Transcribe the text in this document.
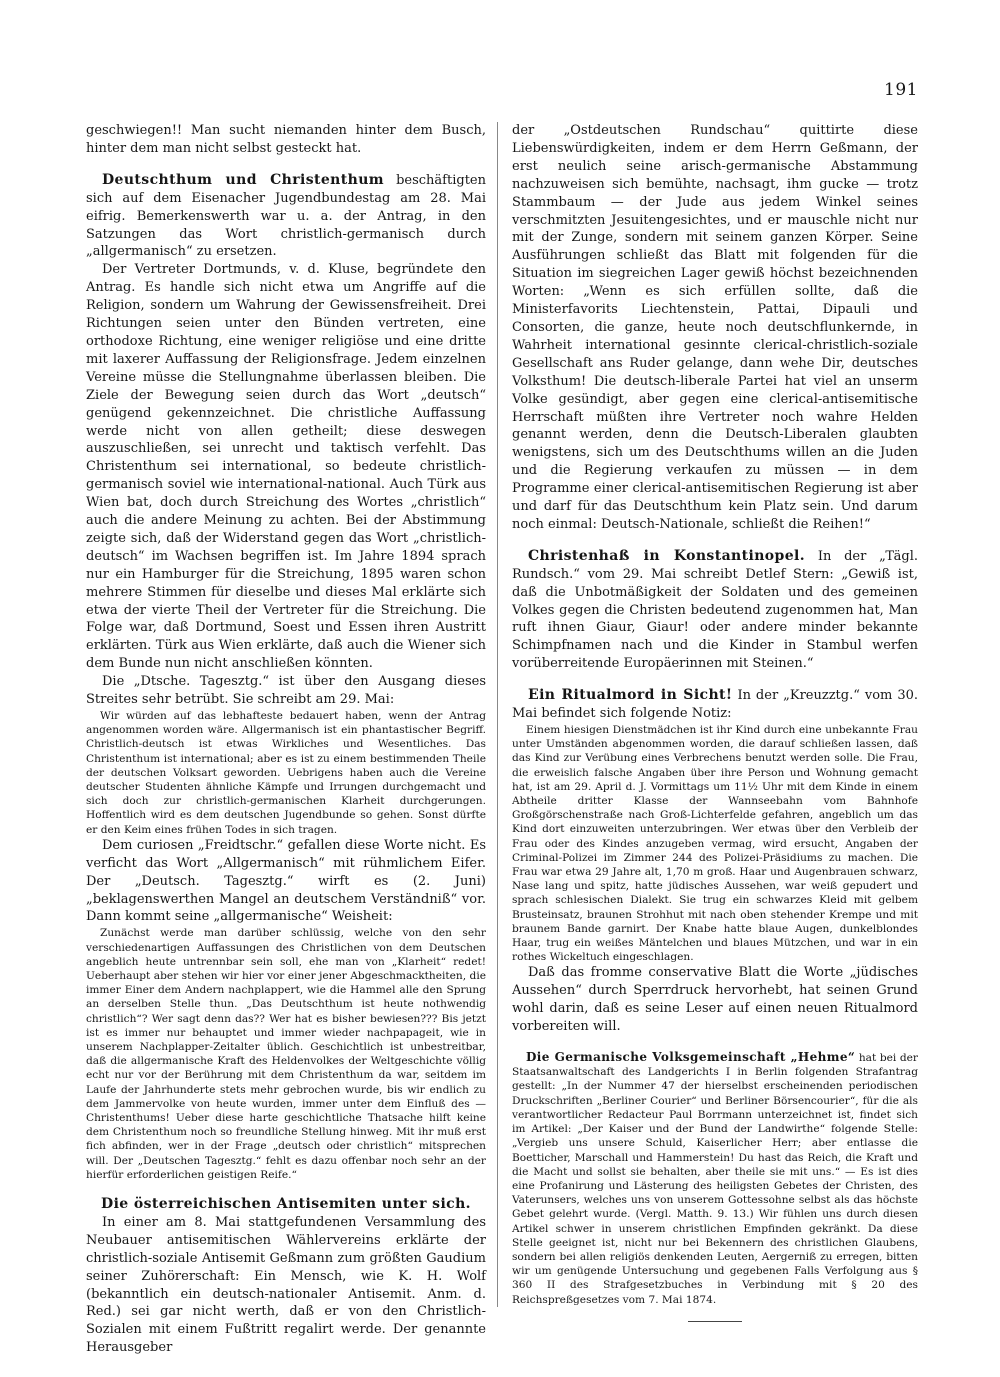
191

geschwiegen!! Man sucht niemanden hinter dem Busch, hinter dem man nicht selbst gesteckt hat.

Deutschthum und Christenthum beschäftigten sich auf dem Eisenacher Jugendbundestag am 28. Mai eifrig. Bemerkenswerth war u. a. der Antrag, in den Satzungen das Wort christlich-germanisch durch „allgermanisch“ zu ersetzen.

Der Vertreter Dortmunds, v. d. Kluse, begründete den Antrag. Es handle sich nicht etwa um Angriffe auf die Religion, sondern um Wahrung der Gewissensfreiheit. Drei Richtungen seien unter den Bünden vertreten, eine orthodoxe Richtung, eine weniger religiöse und eine dritte mit laxerer Auffassung der Religionsfrage. Jedem einzelnen Vereine müsse die Stellungnahme überlassen bleiben. Die Ziele der Bewegung seien durch das Wort „deutsch“ genügend gekennzeichnet. Die christliche Auffassung werde nicht von allen getheilt; diese deswegen auszuschließen, sei unrecht und taktisch verfehlt. Das Christenthum sei international, so bedeute christlich-germanisch soviel wie international-national. Auch Türk aus Wien bat, doch durch Streichung des Wortes „christlich“ auch die andere Meinung zu achten. Bei der Abstimmung zeigte sich, daß der Widerstand gegen das Wort „christlich-deutsch“ im Wachsen begriffen ist. Im Jahre 1894 sprach nur ein Hamburger für die Streichung, 1895 waren schon mehrere Stimmen für dieselbe und dieses Mal erklärte sich etwa der vierte Theil der Vertreter für die Streichung. Die Folge war, daß Dortmund, Soest und Essen ihren Austritt erklärten. Türk aus Wien erklärte, daß auch die Wiener sich dem Bunde nun nicht anschließen könnten.

Die „Dtsche. Tagesztg.“ ist über den Ausgang dieses Streites sehr betrübt. Sie schreibt am 29. Mai:

Wir würden auf das lebhafteste bedauert haben, wenn der Antrag angenommen worden wäre. Allgermanisch ist ein phantastischer Begriff. Christlich-deutsch ist etwas Wirkliches und Wesentliches. Das Christenthum ist international; aber es ist zu einem bestimmenden Theile der deutschen Volksart geworden. Uebrigens haben auch die Vereine deutscher Studenten ähnliche Kämpfe und Irrungen durchgemacht und sich doch zur christlich-germanischen Klarheit durchgerungen. Hoffentlich wird es dem deutschen Jugendbunde so gehen. Sonst dürfte er den Keim eines frühen Todes in sich tragen.

Dem curiosen „Freidtschr.“ gefallen diese Worte nicht. Es verficht das Wort „Allgermanisch“ mit rühmlichem Eifer. Der „Deutsch. Tagesztg.“ wirft es (2. Juni) „beklagenswerthen Mangel an deutschem Verständniß“ vor. Dann kommt seine „allgermanische“ Weisheit:

Zunächst werde man darüber schlüssig, welche von den sehr verschiedenartigen Auffassungen des Christlichen von dem Deutschen angeblich heute untrennbar sein soll, ehe man von „Klarheit“ redet! Ueberhaupt aber stehen wir hier vor einer jener Abgeschmacktheiten, die immer Einer dem Andern nachplappert, wie die Hammel alle den Sprung an derselben Stelle thun. „Das Deutschthum ist heute nothwendig christlich“? Wer sagt denn das?? Wer hat es bisher bewiesen??? Bis jetzt ist es immer nur behauptet und immer wieder nachpapageit, wie in unserem Nachplapper-Zeitalter üblich. Geschichtlich ist unbestreitbar, daß die allgermanische Kraft des Heldenvolkes der Weltgeschichte völlig echt nur vor der Berührung mit dem Christenthum da war, seitdem im Laufe der Jahrhunderte stets mehr gebrochen wurde, bis wir endlich zu dem Jammervolke von heute wurden, immer unter dem Einfluß des — Christenthums! Ueber diese harte geschichtliche Thatsache hilft keine dem Christenthum noch so freundliche Stellung hinweg. Mit ihr muß erst fich abfinden, wer in der Frage „deutsch oder christlich“ mitsprechen will. Der „Deutschen Tagesztg.“ fehlt es dazu offenbar noch sehr an der hierfür erforderlichen geistigen Reife.“

Die österreichischen Antisemiten unter sich.

In einer am 8. Mai stattgefundenen Versammlung des Neubauer antisemitischen Wählervereins erklärte der christlich-soziale Antisemit Geßmann zum größten Gaudium seiner Zuhörerschaft: Ein Mensch, wie K. H. Wolf (bekanntlich ein deutsch-nationaler Antisemit. Anm. d. Red.) sei gar nicht werth, daß er von den Christlich-Sozialen mit einem Fußtritt regalirt werde. Der genannte Herausgeber

der „Ostdeutschen Rundschau“ quittirte diese Liebenswürdigkeiten, indem er dem Herrn Geßmann, der erst neulich seine arisch-germanische Abstammung nachzuweisen sich bemühte, nachsagt, ihm gucke — trotz Stammbaum — der Jude aus jedem Winkel seines verschmitzten Jesuitengesichtes, und er mauschle nicht nur mit der Zunge, sondern mit seinem ganzen Körper. Seine Ausführungen schließt das Blatt mit folgenden für die Situation im siegreichen Lager gewiß höchst bezeichnenden Worten: „Wenn es sich erfüllen sollte, daß die Ministerfavorits Liechtenstein, Pattai, Dipauli und Consorten, die ganze, heute noch deutschflunkernde, in Wahrheit international gesinnte clerical-christlich-soziale Gesellschaft ans Ruder gelange, dann wehe Dir, deutsches Volksthum! Die deutsch-liberale Partei hat viel an unserm Volke gesündigt, aber gegen eine clerical-antisemitische Herrschaft müßten ihre Vertreter noch wahre Helden genannt werden, denn die Deutsch-Liberalen glaubten wenigstens, sich um des Deutschthums willen an die Juden und die Regierung verkaufen zu müssen — in dem Programme einer clerical-antisemitischen Regierung ist aber und darf für das Deutschthum kein Platz sein. Und darum noch einmal: Deutsch-Nationale, schließt die Reihen!“

Christenhaß in Konstantinopel. In der „Tägl. Rundsch.“ vom 29. Mai schreibt Detlef Stern: „Gewiß ist, daß die Unbotmäßigkeit der Soldaten und des gemeinen Volkes gegen die Christen bedeutend zugenommen hat, Man ruft ihnen Giaur, Giaur! oder andere minder bekannte Schimpfnamen nach und die Kinder in Stambul werfen vorüberreitende Europäerinnen mit Steinen.“

Ein Ritualmord in Sicht! In der „Kreuzztg.“ vom 30. Mai befindet sich folgende Notiz:

Einem hiesigen Dienstmädchen ist ihr Kind durch eine unbekannte Frau unter Umständen abgenommen worden, die darauf schließen lassen, daß das Kind zur Verübung eines Verbrechens benutzt werden solle. Die Frau, die erweislich falsche Angaben über ihre Person und Wohnung gemacht hat, ist am 29. April d. J. Vormittags um 11½ Uhr mit dem Kinde in einem Abtheile dritter Klasse der Wannseebahn vom Bahnhofe Großgörschenstraße nach Groß-Lichterfelde gefahren, angeblich um das Kind dort einzuweiten unterzubringen. Wer etwas über den Verbleib der Frau oder des Kindes anzugeben vermag, wird ersucht, Angaben der Criminal-Polizei im Zimmer 244 des Polizei-Präsidiums zu machen. Die Frau war etwa 29 Jahre alt, 1,70 m groß. Haar und Augenbrauen schwarz, Nase lang und spitz, hatte jüdisches Aussehen, war weiß gepudert und sprach schlesischen Dialekt. Sie trug ein schwarzes Kleid mit gelbem Brusteinsatz, braunen Strohhut mit nach oben stehender Krempe und mit braunem Bande garnirt. Der Knabe hatte blaue Augen, dunkelblondes Haar, trug ein weißes Mäntelchen und blaues Mützchen, und war in ein rothes Wickeltuch eingeschlagen.

Daß das fromme conservative Blatt die Worte „jüdisches Aussehen“ durch Sperrdruck hervorhebt, hat seinen Grund wohl darin, daß es seine Leser auf einen neuen Ritualmord vorbereiten will.

Die Germanische Volksgemeinschaft „Hehme“ hat bei der Staatsanwaltschaft des Landgerichts I in Berlin folgenden Strafantrag gestellt: „In der Nummer 47 der hierselbst erscheinenden periodischen Druckschriften „Berliner Courier“ und Berliner Börsencourier“, für die als verantwortlicher Redacteur Paul Borrmann unterzeichnet ist, findet sich im Artikel: „Der Kaiser und der Bund der Landwirthe“ folgende Stelle: „Vergieb uns unsere Schuld, Kaiserlicher Herr; aber entlasse die Boetticher, Marschall und Hammerstein! Du hast das Reich, die Kraft und die Macht und sollst sie behalten, aber theile sie mit uns.“ — Es ist dies eine Profanirung und Lästerung des heiligsten Gebetes der Christen, des Vaterunsers, welches uns von unserem Gottessohne selbst als das höchste Gebet gelehrt wurde. (Vergl. Matth. 9. 13.) Wir fühlen uns durch diesen Artikel schwer in unserem christlichen Empfinden gekränkt. Da diese Stelle geeignet ist, nicht nur bei Bekennern des christlichen Glaubens, sondern bei allen religiös denkenden Leuten, Aergerniß zu erregen, bitten wir um genügende Untersuchung und gegebenen Falls Verfolgung aus § 360 II des Strafgesetzbuches in Verbindung mit § 20 des Reichspreßgesetzes vom 7. Mai 1874.
